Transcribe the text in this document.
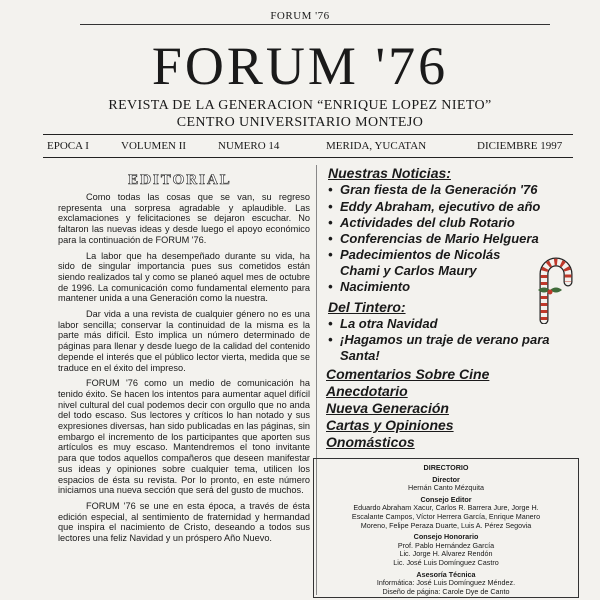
FORUM '76
FORUM '76
REVISTA DE LA GENERACION “ENRIQUE LOPEZ NIETO”
CENTRO UNIVERSITARIO MONTEJO
EPOCA I	VOLUMEN II	NUMERO 14	MERIDA, YUCATAN	DICIEMBRE 1997
EDITORIAL

Como todas las cosas que se van, su regreso representa una sorpresa agradable y aplaudible. Las exclamaciones y felicitaciones se dejaron escuchar. No faltaron las nuevas ideas y desde luego el apoyo económico para la continuación de FORUM '76.

La labor que ha desempeñado durante su vida, ha sido de singular importancia pues sus cometidos están siendo realizados tal y como se planeó aquel mes de octubre de 1996. La comunicación como fundamental elemento para mantener unida a una Generación como la nuestra.

Dar vida a una revista de cualquier género no es una labor sencilla; conservar la continuidad de la misma es la parte más difícil. Esto implica un número determinado de páginas para llenar y desde luego de la calidad del contenido depende el interés que el público lector vierta, medida que se traduce en el éxito del impreso.

FORUM '76 como un medio de comunicación ha tenido éxito. Se hacen los intentos para aumentar aquel difícil nivel cultural del cual podemos decir con orgullo que no anda del todo escaso. Sus lectores y críticos lo han notado y sus expresiones diversas, han sido publicadas en las páginas, sin embargo el incremento de los participantes que aporten sus artículos es muy escaso. Mantendremos el tono invitante para que todos aquellos compañeros que deseen manifestar sus ideas y opiniones sobre cualquier tema, utilicen los espacios de ésta su revista. Por lo pronto, en este número iniciamos una nueva sección que será del gusto de muchos.

FORUM '76 se une en esta época, a través de ésta edición especial, al sentimiento de fraternidad y hermandad que inspira el nacimiento de Cristo, deseando a todos sus lectores una feliz Navidad y un próspero Año Nuevo.

Nuestras Noticias:
• Gran fiesta de la Generación '76
• Eddy Abraham, ejecutivo de año
• Actividades del club Rotario
• Conferencias de Mario Helguera
• Padecimientos de Nicolás Chami y Carlos Maury
• Nacimiento
Del Tintero:
• La otra Navidad
• ¡Hagamos un traje de verano para Santa!
Comentarios Sobre Cine
Anecdotario
Nueva Generación
Cartas y Opiniones
Onomásticos
DIRECTORIO
Director
Hernán Canto Mézquita
Consejo Editor
Eduardo Abraham Xacur, Carlos R. Barrera Jure, Jorge H.
Escalante Campos, Víctor Herrera García, Enrique Manero
Moreno, Felipe Peraza Duarte, Luis A. Pérez Segovia
Consejo Honorario
Prof. Pablo Hernández García
Lic. Jorge H. Alvarez Rendón
Lic. José Luis Domínguez Castro
Asesoría Técnica
Informática: José Luis Domínguez Méndez.
Diseño de página: Carole Dye de Canto
